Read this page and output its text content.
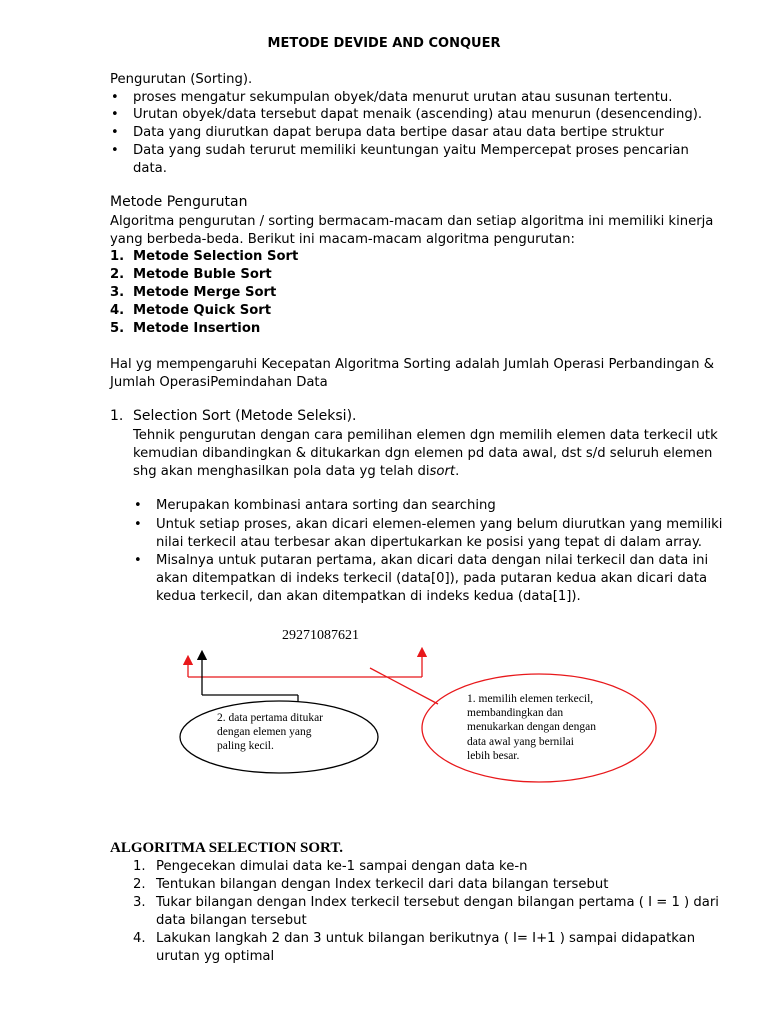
METODE DEVIDE AND CONQUER
Pengurutan (Sorting).
• proses mengatur sekumpulan obyek/data menurut urutan atau susunan tertentu.
• Urutan obyek/data tersebut dapat menaik (ascending) atau menurun (desencending).
• Data yang diurutkan dapat berupa data bertipe dasar atau data bertipe struktur
• Data yang sudah terurut memiliki keuntungan yaitu Mempercepat proses pencarian
data.
Metode Pengurutan
Algoritma pengurutan / sorting bermacam-macam dan setiap algoritma ini memiliki kinerja
yang berbeda-beda. Berikut ini macam-macam algoritma pengurutan:
1. Metode Selection Sort
2. Metode Buble Sort
3. Metode Merge Sort
4. Metode Quick Sort
5. Metode Insertion
Hal yg mempengaruhi Kecepatan Algoritma Sorting adalah Jumlah Operasi Perbandingan &
Jumlah OperasiPemindahan Data
1. Selection Sort (Metode Seleksi).
Tehnik pengurutan dengan cara pemilihan elemen dgn memilih elemen data terkecil utk
kemudian dibandingkan & ditukarkan dgn elemen pd data awal, dst s/d seluruh elemen
shg akan menghasilkan pola data yg telah disort.
• Merupakan kombinasi antara sorting dan searching
• Untuk setiap proses, akan dicari elemen-elemen yang belum diurutkan yang memiliki
nilai terkecil atau terbesar akan dipertukarkan ke posisi yang tepat di dalam array.
• Misalnya untuk putaran pertama, akan dicari data dengan nilai terkecil dan data ini
akan ditempatkan di indeks terkecil (data[0]), pada putaran kedua akan dicari data
kedua terkecil, dan akan ditempatkan di indeks kedua (data[1]).
29271087621
1. memilih elemen terkecil,
membandingkan dan
menukarkan dengan dengan
data awal yang bernilai
lebih besar.
2. data pertama ditukar
dengan elemen yang
paling kecil.
ALGORITMA SELECTION SORT.
1. Pengecekan dimulai data ke-1 sampai dengan data ke-n
2. Tentukan bilangan dengan Index terkecil dari data bilangan tersebut
3. Tukar bilangan dengan Index terkecil tersebut dengan bilangan pertama ( I = 1 ) dari
data bilangan tersebut
4. Lakukan langkah 2 dan 3 untuk bilangan berikutnya ( I= I+1 ) sampai didapatkan
urutan yg optimal
